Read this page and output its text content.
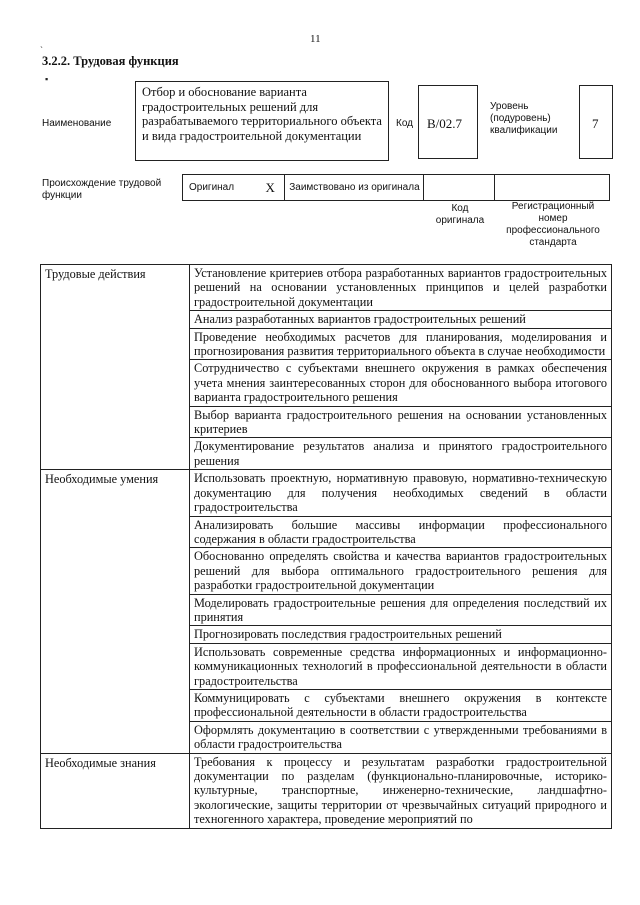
11
ˏ
▪
3.2.2. Трудовая функция
Наименование
Отбор и обоснование варианта градостроительных решений для разрабатываемого территориального объекта и вида градостроительной документации
Код В/02.7
Уровень (подуровень) квалификации	7
Происхождение трудовой функции
Оригинал	X	Заимствовано из оригинала		
Код оригинала
Регистрационный номер профессионального стандарта
Трудовые действия	Установление критериев отбора разработанных вариантов градостроительных решений на основании установленных принципов и целей разработки градостроительной документации
	Анализ разработанных вариантов градостроительных решений
	Проведение необходимых расчетов для планирования, моделирования и прогнозирования развития территориального объекта в случае необходимости
	Сотрудничество с субъектами внешнего окружения в рамках обеспечения учета мнения заинтересованных сторон для обоснованного выбора итогового варианта градостроительного решения
	Выбор варианта градостроительного решения на основании установленных критериев
	Документирование результатов анализа и принятого градостроительного решения
Необходимые умения	Использовать проектную, нормативную правовую, нормативно-техническую документацию для получения необходимых сведений в области градостроительства
	Анализировать большие массивы информации профессионального содержания в области градостроительства
	Обоснованно определять свойства и качества вариантов градостроительных решений для выбора оптимального градостроительного решения для разработки градостроительной документации
	Моделировать градостроительные решения для определения последствий их принятия
	Прогнозировать последствия градостроительных решений
	Использовать современные средства информационных и информационно-коммуникационных технологий в профессиональной деятельности в области градостроительства
	Коммуницировать с субъектами внешнего окружения в контексте профессиональной деятельности в области градостроительства
	Оформлять документацию в соответствии с утвержденными требованиями в области градостроительства
Необходимые знания	Требования к процессу и результатам разработки градостроительной документации по разделам (функционально-планировочные, историко-культурные, транспортные, инженерно-технические, ландшафтно-экологические, защиты территории от чрезвычайных ситуаций природного и техногенного характера, проведение мероприятий по
